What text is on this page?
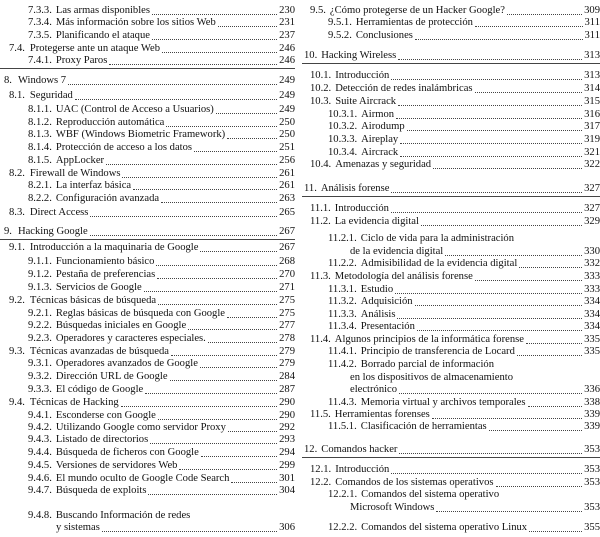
7.3.3. Las armas disponibles	230
7.3.4. Más información sobre los sitios Web	231
7.3.5. Planificando el ataque	237
7.4. Protegerse ante un ataque Web	246
7.4.1. Proxy Paros	246
8. Windows 7	249
8.1. Seguridad	249
8.1.1. UAC (Control de Acceso a Usuarios)	249
8.1.2. Reproducción automática	250
8.1.3. WBF (Windows Biometric Framework)	250
8.1.4. Protección de acceso a los datos	251
8.1.5. AppLocker	256
8.2. Firewall de Windows	261
8.2.1. La interfaz básica	261
8.2.2. Configuración avanzada	263
8.3. Direct Access	265
9. Hacking Google	267
9.1. Introducción a la maquinaria de Google	267
9.1.1. Funcionamiento básico	268
9.1.2. Pestaña de preferencias	270
9.1.3. Servicios de Google	271
9.2. Técnicas básicas de búsqueda	275
9.2.1. Reglas básicas de búsqueda con Google	275
9.2.2. Búsquedas iniciales en Google	277
9.2.3. Operadores y caracteres especiales.	278
9.3. Técnicas avanzadas de búsqueda	279
9.3.1. Operadores avanzados de Google	279
9.3.2. Dirección URL de Google	284
9.3.3. El código de Google	287
9.4. Técnicas de Hacking	290
9.4.1. Esconderse con Google	290
9.4.2. Utilizando Google como servidor Proxy	292
9.4.3. Listado de directorios	293
9.4.4. Búsqueda de ficheros con Google	294
9.4.5. Versiones de servidores Web	299
9.4.6. El mundo oculto de Google Code Search	301
9.4.7. Búsqueda de exploits	304
9.4.8. Buscando Información de redes
y sistemas	306
9.5. ¿Cómo protegerse de un Hacker Google?	309
9.5.1. Herramientas de protección	311
9.5.2. Conclusiones	311
10. Hacking Wireless	313
10.1. Introducción	313
10.2. Detección de redes inalámbricas	314
10.3. Suite Aircrack	315
10.3.1. Airmon	316
10.3.2. Airodump	317
10.3.3. Aireplay	319
10.3.4. Aircrack	321
10.4. Amenazas y seguridad	322
11. Análisis forense	327
11.1. Introducción	327
11.2. La evidencia digital	329
11.2.1. Ciclo de vida para la administración
de la evidencia digital	330
11.2.2. Admisibilidad de la evidencia digital	332
11.3. Metodología del análisis forense	333
11.3.1. Estudio	333
11.3.2. Adquisición	334
11.3.3. Análisis	334
11.3.4. Presentación	334
11.4. Algunos principios de la informática forense	335
11.4.1. Principio de transferencia de Locard	335
11.4.2. Borrado parcial de información
en los dispositivos de almacenamiento
electrónico	336
11.4.3. Memoria virtual y archivos temporales	338
11.5. Herramientas forenses	339
11.5.1. Clasificación de herramientas	339
12. Comandos hacker	353
12.1. Introducción	353
12.2. Comandos de los sistemas operativos	353
12.2.1. Comandos del sistema operativo
Microsoft Windows	353
12.2.2. Comandos del sistema operativo Linux	355
